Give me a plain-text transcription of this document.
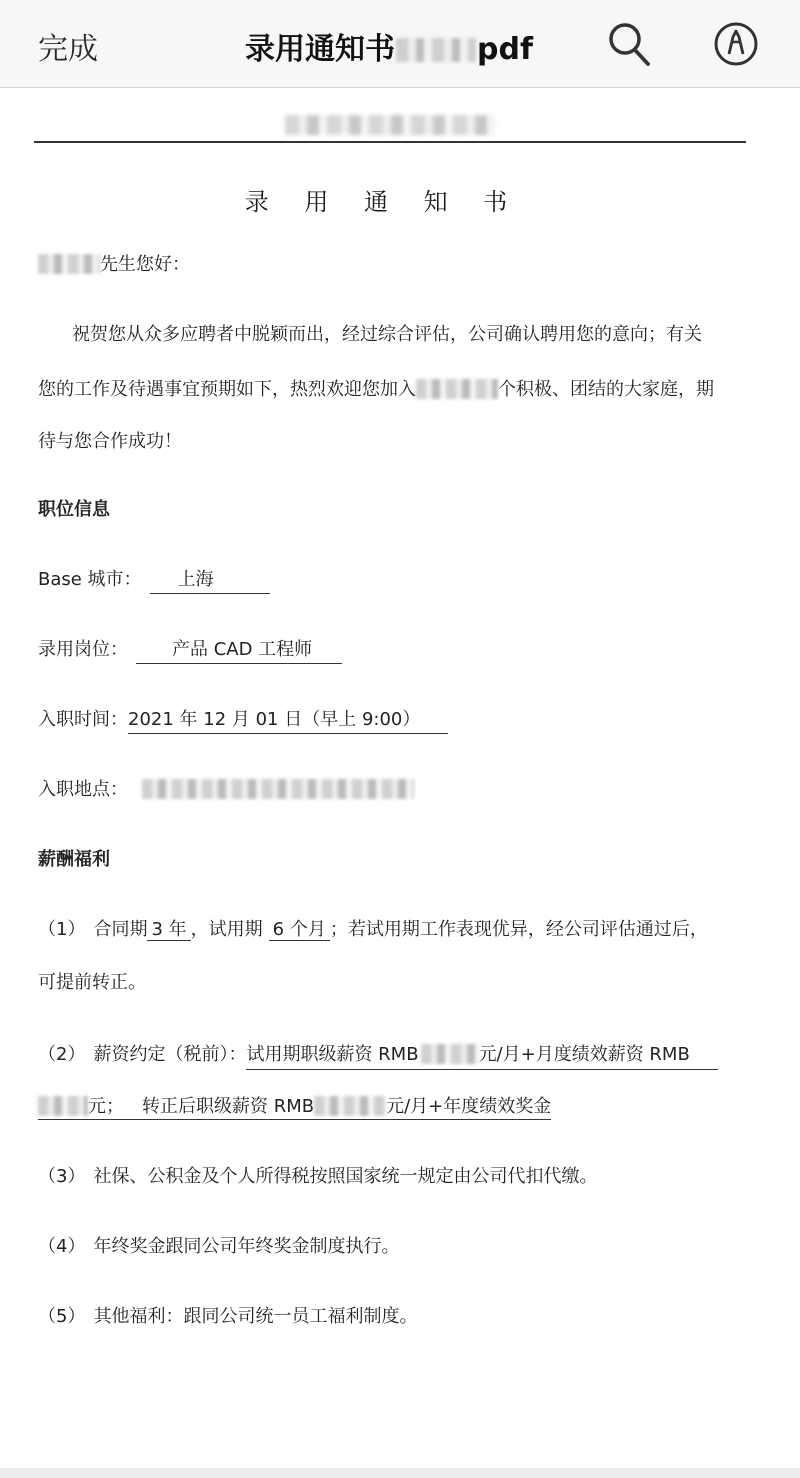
完成	录用通知书	pdf
录 用 通 知 书
先生您好：
祝贺您从众多应聘者中脱颖而出，经过综合评估，公司确认聘用您的意向；有关
您的工作及待遇事宜预期如下，热烈欢迎您加入	个积极、团结的大家庭，期
待与您合作成功！
职位信息
Base 城市： 上海
录用岗位： 产品 CAD 工程师
入职时间：2021 年 12 月 01 日（早上 9:00）
入职地点：
薪酬福利
（1） 合同期 3 年 ，试用期 6 个月 ；若试用期工作表现优异，经公司评估通过后，
可提前转正。
（2） 薪资约定（税前）：试用期职级薪资 RMB	元/月+月度绩效薪资 RMB
元； 转正后职级薪资 RMB	元/月+年度绩效奖金
（3） 社保、公积金及个人所得税按照国家统一规定由公司代扣代缴。
（4） 年终奖金跟同公司年终奖金制度执行。
（5） 其他福利：跟同公司统一员工福利制度。
